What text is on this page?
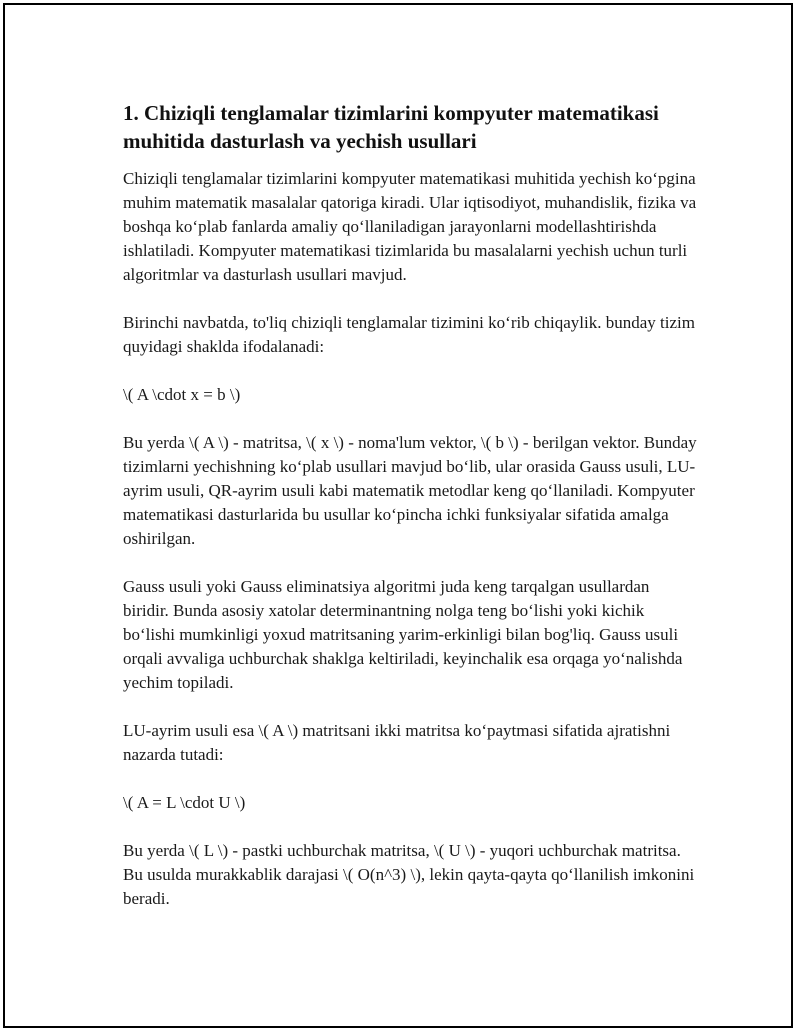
1. Chiziqli tenglamalar tizimlarini kompyuter matematikasi muhitida dasturlash va yechish usullari

Chiziqli tenglamalar tizimlarini kompyuter matematikasi muhitida yechish ko‘pgina muhim matematik masalalar qatoriga kiradi. Ular iqtisodiyot, muhandislik, fizika va boshqa ko‘plab fanlarda amaliy qo‘llaniladigan jarayonlarni modellashtirishda ishlatiladi. Kompyuter matematikasi tizimlarida bu masalalarni yechish uchun turli algoritmlar va dasturlash usullari mavjud.

Birinchi navbatda, to'liq chiziqli tenglamalar tizimini ko‘rib chiqaylik. bunday tizim quyidagi shaklda ifodalanadi:

\( A \cdot x = b \)

Bu yerda \( A \) - matritsa, \( x \) - noma'lum vektor, \( b \) - berilgan vektor. Bunday tizimlarni yechishning ko‘plab usullari mavjud bo‘lib, ular orasida Gauss usuli, LU-ayrim usuli, QR-ayrim usuli kabi matematik metodlar keng qo‘llaniladi. Kompyuter matematikasi dasturlarida bu usullar ko‘pincha ichki funksiyalar sifatida amalga oshirilgan.

Gauss usuli yoki Gauss eliminatsiya algoritmi juda keng tarqalgan usullardan biridir. Bunda asosiy xatolar determinantning nolga teng bo‘lishi yoki kichik bo‘lishi mumkinligi yoxud matritsaning yarim-erkinligi bilan bog'liq. Gauss usuli orqali avvaliga uchburchak shaklga keltiriladi, keyinchalik esa orqaga yo‘nalishda yechim topiladi.

LU-ayrim usuli esa \( A \) matritsani ikki matritsa ko‘paytmasi sifatida ajratishni nazarda tutadi:

\( A = L \cdot U \)

Bu yerda \( L \) - pastki uchburchak matritsa, \( U \) - yuqori uchburchak matritsa. Bu usulda murakkablik darajasi \( O(n^3) \), lekin qayta-qayta qo‘llanilish imkonini beradi.
